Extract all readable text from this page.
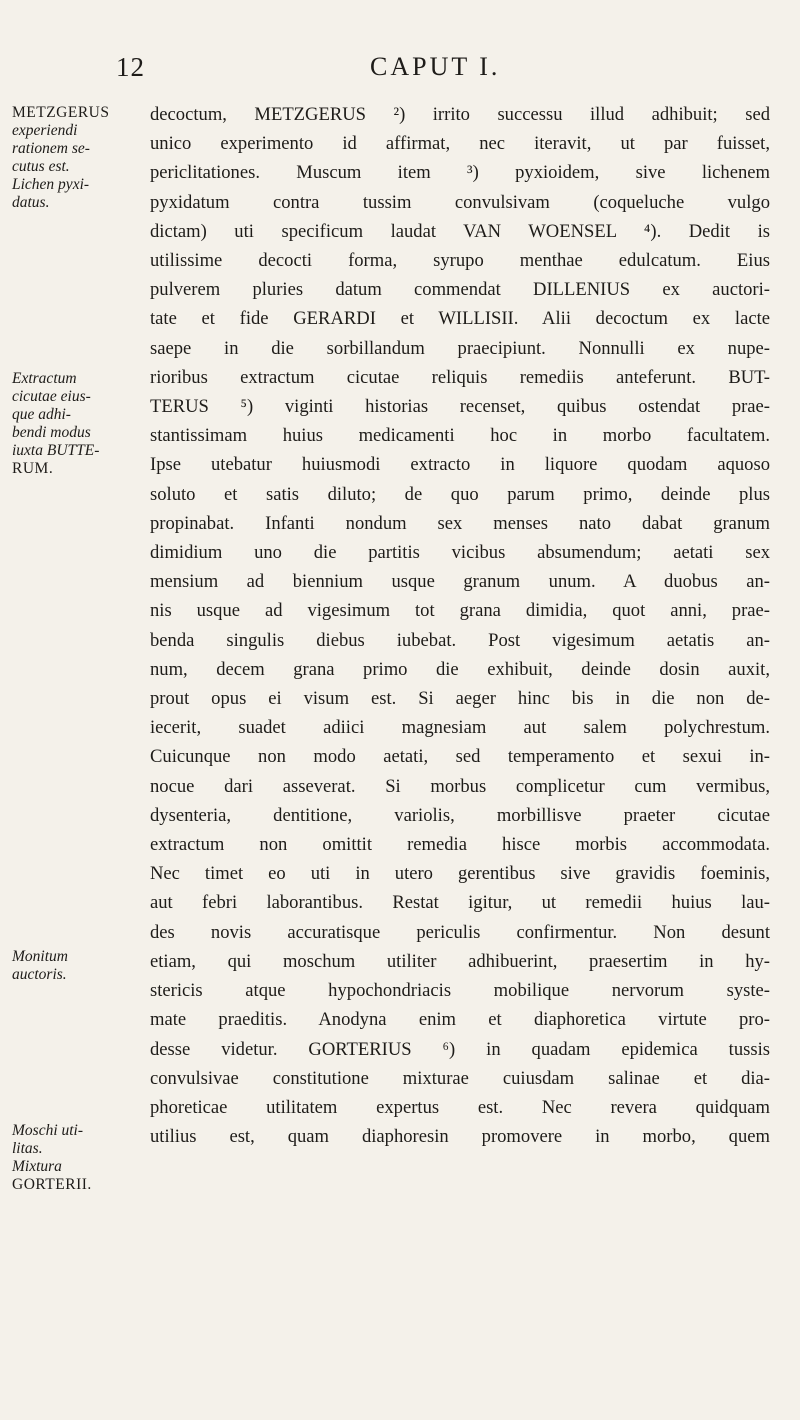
12	CAPUT I.
METZGERUS
experiendi
rationem se-
cutus est.
Lichen pyxi-
datus.
Extractum
cicutae eius-
que adhi-
bendi modus
iuxta BUTTE-
RUM.
Monitum
auctoris.
Moschi uti-
litas.
Mixtura
GORTERII.
decoctum, METZGERUS ²) irrito successu illud adhibuit; sed
unico experimento id affirmat, nec iteravit, ut par fuisset,
periclitationes. Muscum item ³) pyxioidem, sive lichenem
pyxidatum contra tussim convulsivam (coqueluche vulgo
dictam) uti specificum laudat VAN WOENSEL ⁴). Dedit is
utilissime decocti forma, syrupo menthae edulcatum. Eius
pulverem pluries datum commendat DILLENIUS ex auctori-
tate et fide GERARDI et WILLISII. Alii decoctum ex lacte
saepe in die sorbillandum praecipiunt. Nonnulli ex nupe-
rioribus extractum cicutae reliquis remediis anteferunt. BUT-
TERUS ⁵) viginti historias recenset, quibus ostendat prae-
stantissimam huius medicamenti hoc in morbo facultatem.
Ipse utebatur huiusmodi extracto in liquore quodam aquoso
soluto et satis diluto; de quo parum primo, deinde plus
propinabat. Infanti nondum sex menses nato dabat granum
dimidium uno die partitis vicibus absumendum; aetati sex
mensium ad biennium usque granum unum. A duobus an-
nis usque ad vigesimum tot grana dimidia, quot anni, prae-
benda singulis diebus iubebat. Post vigesimum aetatis an-
num, decem grana primo die exhibuit, deinde dosin auxit,
prout opus ei visum est. Si aeger hinc bis in die non de-
iecerit, suadet adiici magnesiam aut salem polychrestum.
Cuicunque non modo aetati, sed temperamento et sexui in-
nocue dari asseverat. Si morbus complicetur cum vermibus,
dysenteria, dentitione, variolis, morbillisve praeter cicutae
extractum non omittit remedia hisce morbis accommodata.
Nec timet eo uti in utero gerentibus sive gravidis foeminis,
aut febri laborantibus. Restat igitur, ut remedii huius lau-
des novis accuratisque periculis confirmentur. Non desunt
etiam, qui moschum utiliter adhibuerint, praesertim in hy-
stericis atque hypochondriacis mobilique nervorum syste-
mate praeditis. Anodyna enim et diaphoretica virtute pro-
desse videtur. GORTERIUS ⁶) in quadam epidemica tussis
convulsivae constitutione mixturae cuiusdam salinae et dia-
phoreticae utilitatem expertus est. Nec revera quidquam
utilius est, quam diaphoresin promovere in morbo, quem
